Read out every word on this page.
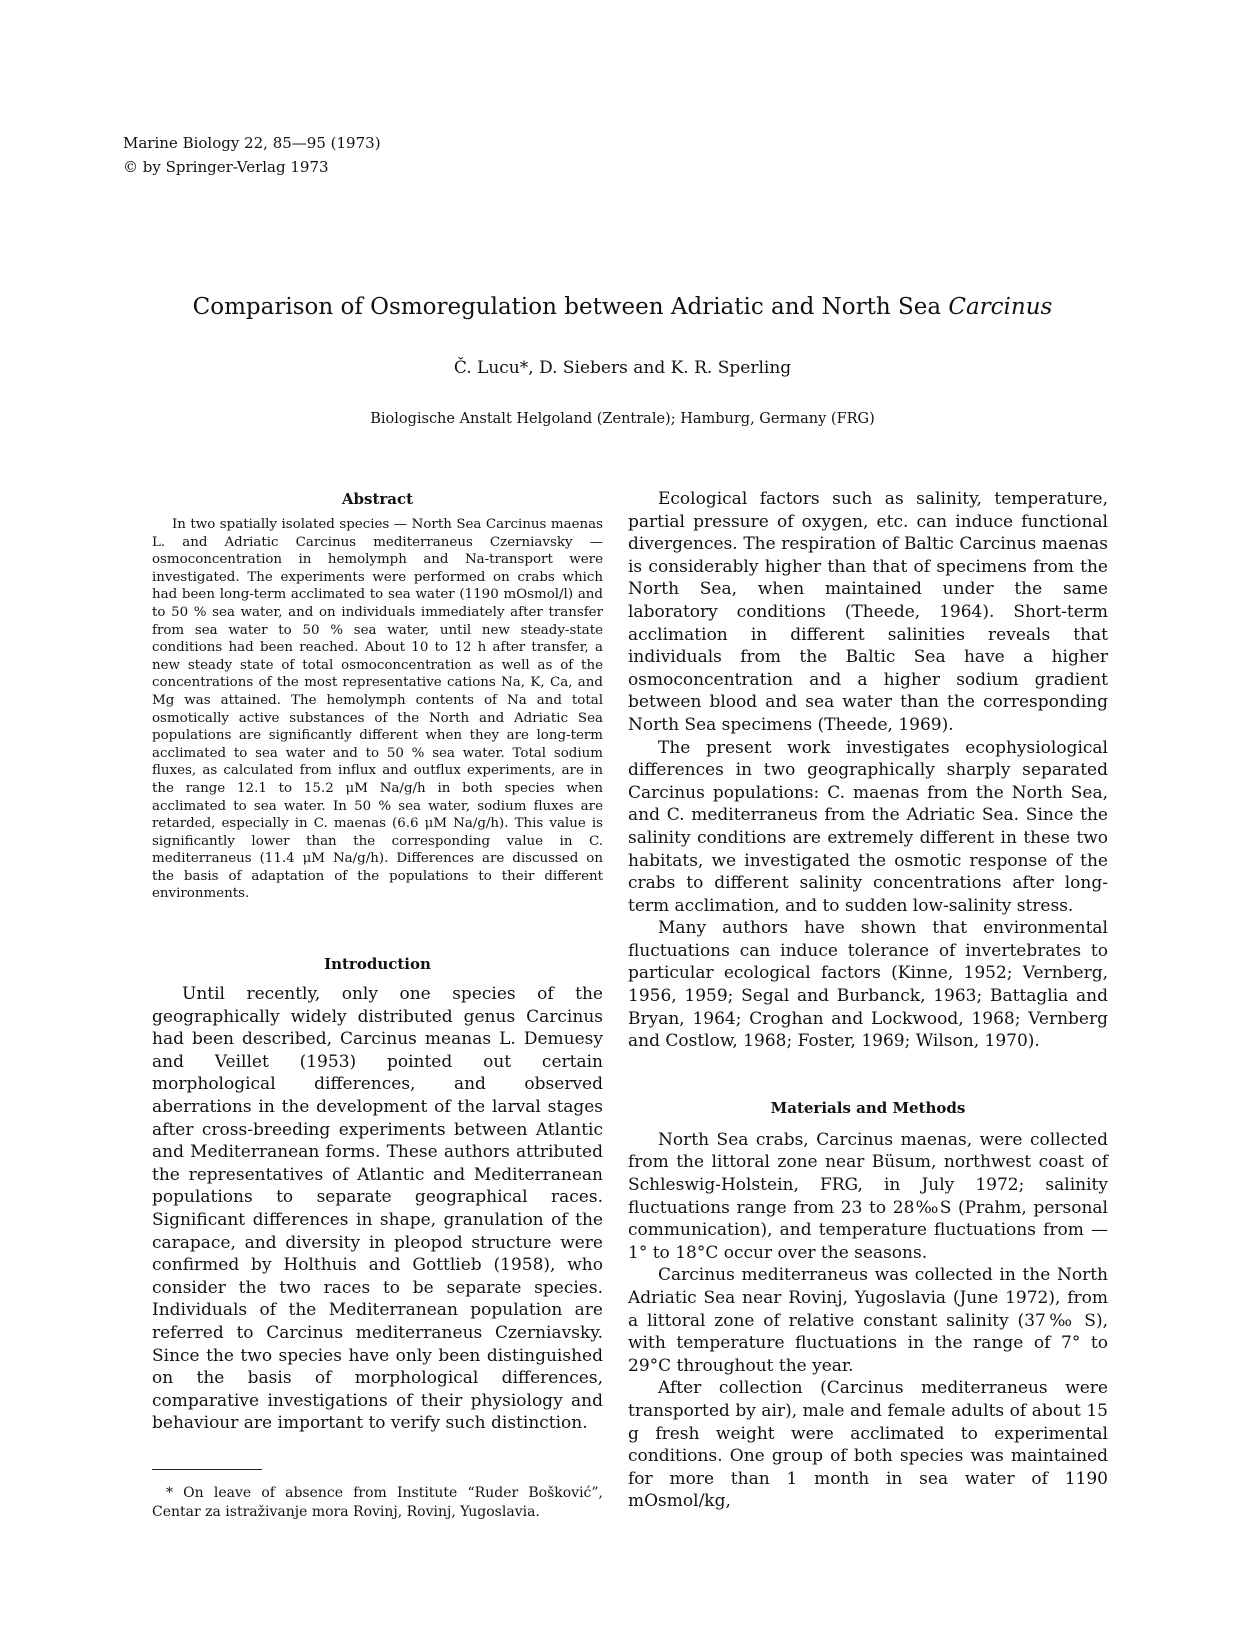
Marine Biology 22, 85—95 (1973)
© by Springer-Verlag 1973
Comparison of Osmoregulation between Adriatic and North Sea Carcinus
Č. Lucu*, D. Siebers and K. R. Sperling
Biologische Anstalt Helgoland (Zentrale); Hamburg, Germany (FRG)
Abstract

In two spatially isolated species — North Sea Carcinus maenas L. and Adriatic Carcinus mediterraneus Czerniavsky — osmoconcentration in hemolymph and Na-transport were investigated. The experiments were performed on crabs which had been long-term acclimated to sea water (1190 mOsmol/l) and to 50 % sea water, and on individuals immediately after transfer from sea water to 50 % sea water, until new steady-state conditions had been reached. About 10 to 12 h after transfer, a new steady state of total osmoconcentration as well as of the concentrations of the most representative cations Na, K, Ca, and Mg was attained. The hemolymph contents of Na and total osmotically active substances of the North and Adriatic Sea populations are significantly different when they are long-term acclimated to sea water and to 50 % sea water. Total sodium fluxes, as calculated from influx and outflux experiments, are in the range 12.1 to 15.2 μM Na/g/h in both species when acclimated to sea water. In 50 % sea water, sodium fluxes are retarded, especially in C. maenas (6.6 μM Na/g/h). This value is significantly lower than the corresponding value in C. mediterraneus (11.4 μM Na/g/h). Differences are discussed on the basis of adaptation of the populations to their different environments.

Introduction

Until recently, only one species of the geographically widely distributed genus Carcinus had been described, Carcinus meanas L. Demuesy and Veillet (1953) pointed out certain morphological differences, and observed aberrations in the development of the larval stages after cross-breeding experiments between Atlantic and Mediterranean forms. These authors attributed the representatives of Atlantic and Mediterranean populations to separate geographical races. Significant differences in shape, granulation of the carapace, and diversity in pleopod structure were confirmed by Holthuis and Gottlieb (1958), who consider the two races to be separate species. Individuals of the Mediterranean population are referred to Carcinus mediterraneus Czerniavsky. Since the two species have only been distinguished on the basis of morphological differences, comparative investigations of their physiology and behaviour are important to verify such distinction.

* On leave of absence from Institute “Ruder Bošković”, Centar za istraživanje mora Rovinj, Rovinj, Yugoslavia.

Ecological factors such as salinity, temperature, partial pressure of oxygen, etc. can induce functional divergences. The respiration of Baltic Carcinus maenas is considerably higher than that of specimens from the North Sea, when maintained under the same laboratory conditions (Theede, 1964). Short-term acclimation in different salinities reveals that individuals from the Baltic Sea have a higher osmoconcentration and a higher sodium gradient between blood and sea water than the corresponding North Sea specimens (Theede, 1969).

The present work investigates ecophysiological differences in two geographically sharply separated Carcinus populations: C. maenas from the North Sea, and C. mediterraneus from the Adriatic Sea. Since the salinity conditions are extremely different in these two habitats, we investigated the osmotic response of the crabs to different salinity concentrations after long-term acclimation, and to sudden low-salinity stress.

Many authors have shown that environmental fluctuations can induce tolerance of invertebrates to particular ecological factors (Kinne, 1952; Vernberg, 1956, 1959; Segal and Burbanck, 1963; Battaglia and Bryan, 1964; Croghan and Lockwood, 1968; Vernberg and Costlow, 1968; Foster, 1969; Wilson, 1970).

Materials and Methods

North Sea crabs, Carcinus maenas, were collected from the littoral zone near Büsum, northwest coast of Schleswig-Holstein, FRG, in July 1972; salinity fluctuations range from 23 to 28‰S (Prahm, personal communication), and temperature fluctuations from —1° to 18°C occur over the seasons.

Carcinus mediterraneus was collected in the North Adriatic Sea near Rovinj, Yugoslavia (June 1972), from a littoral zone of relative constant salinity (37‰ S), with temperature fluctuations in the range of 7° to 29°C throughout the year.

After collection (Carcinus mediterraneus were transported by air), male and female adults of about 15 g fresh weight were acclimated to experimental conditions. One group of both species was maintained for more than 1 month in sea water of 1190 mOsmol/kg,
